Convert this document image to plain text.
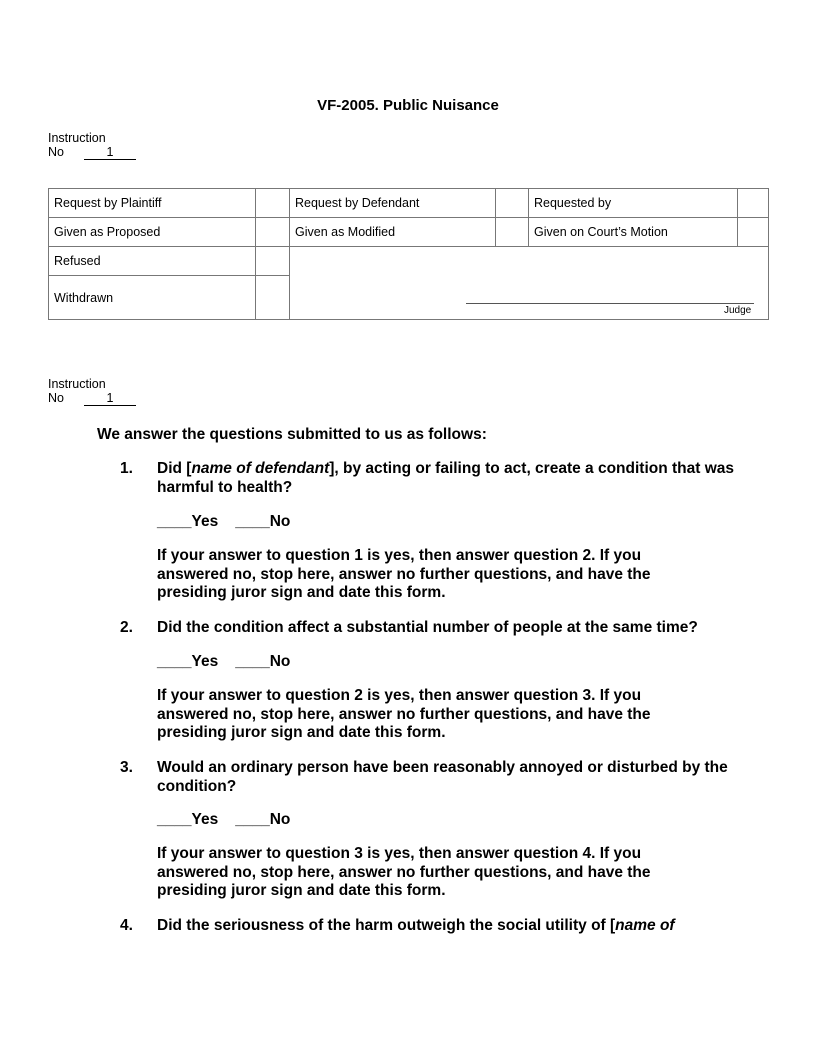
VF-2005. Public Nuisance
Instruction
No	1
Request by Plaintiff		Request by Defendant		Requested by	
Given as Proposed		Given as Modified		Given on Court’s Motion	
Refused					
Withdrawn					
Judge
Instruction
No	1
We answer the questions submitted to us as follows:
1. Did [name of defendant], by acting or failing to act, create a condition that was harmful to health?
____Yes ____No
If your answer to question 1 is yes, then answer question 2. If you answered no, stop here, answer no further questions, and have the presiding juror sign and date this form.
2. Did the condition affect a substantial number of people at the same time?
____Yes ____No
If your answer to question 2 is yes, then answer question 3. If you answered no, stop here, answer no further questions, and have the presiding juror sign and date this form.
3. Would an ordinary person have been reasonably annoyed or disturbed by the condition?
____Yes ____No
If your answer to question 3 is yes, then answer question 4. If you answered no, stop here, answer no further questions, and have the presiding juror sign and date this form.
4. Did the seriousness of the harm outweigh the social utility of [name of
